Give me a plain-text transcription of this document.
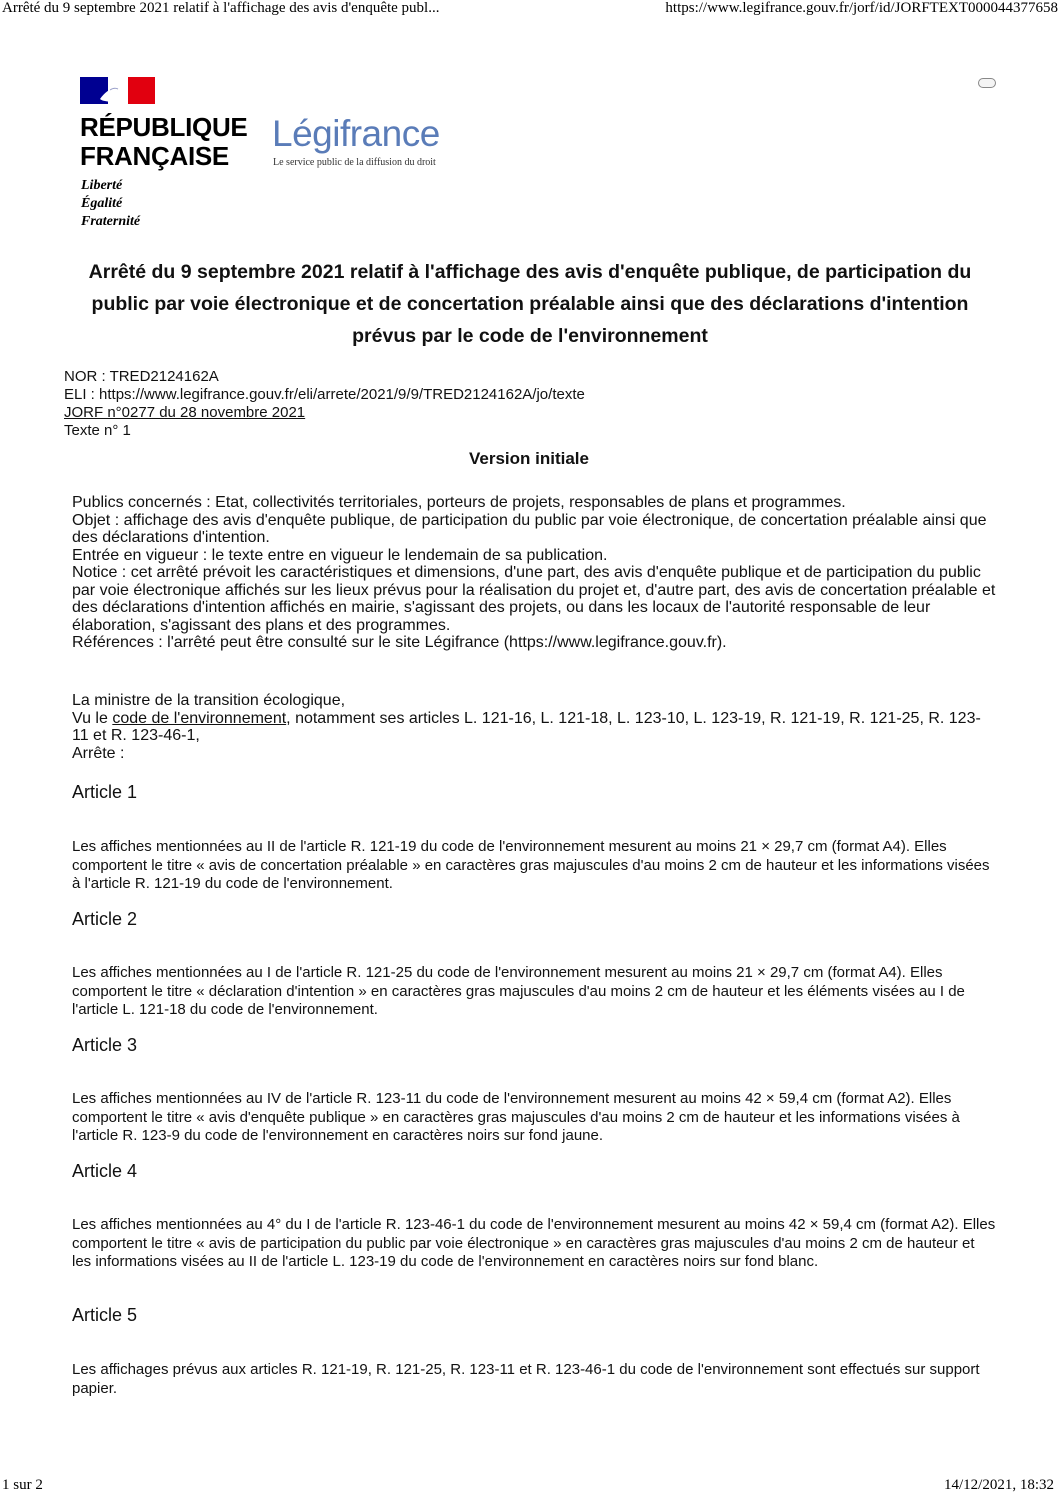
Arrêté du 9 septembre 2021 relatif à l'affichage des avis d'enquête publ...	https://www.legifrance.gouv.fr/jorf/id/JORFTEXT000044377658
RÉPUBLIQUE
FRANÇAISE
Liberté
Égalité
Fraternité
Légifrance
Le service public de la diffusion du droit
Arrêté du 9 septembre 2021 relatif à l'affichage des avis d'enquête publique, de participation du public par voie électronique et de concertation préalable ainsi que des déclarations d'intention prévus par le code de l'environnement
NOR : TRED2124162A
ELI : https://www.legifrance.gouv.fr/eli/arrete/2021/9/9/TRED2124162A/jo/texte
JORF n°0277 du 28 novembre 2021
Texte n° 1
Version initiale

Publics concernés : Etat, collectivités territoriales, porteurs de projets, responsables de plans et programmes.

Objet : affichage des avis d'enquête publique, de participation du public par voie électronique, de concertation préalable ainsi que des déclarations d'intention.

Entrée en vigueur : le texte entre en vigueur le lendemain de sa publication.

Notice : cet arrêté prévoit les caractéristiques et dimensions, d'une part, des avis d'enquête publique et de participation du public par voie électronique affichés sur les lieux prévus pour la réalisation du projet et, d'autre part, des avis de concertation préalable et des déclarations d'intention affichés en mairie, s'agissant des projets, ou dans les locaux de l'autorité responsable de leur élaboration, s'agissant des plans et des programmes.

Références : l'arrêté peut être consulté sur le site Légifrance (https://www.legifrance.gouv.fr).

La ministre de la transition écologique,

Vu le code de l'environnement, notamment ses articles L. 121-16, L. 121-18, L. 123-10, L. 123-19, R. 121-19, R. 121-25, R. 123-11 et R. 123-46-1,

Arrête :

Article 1
Les affiches mentionnées au II de l'article R. 121-19 du code de l'environnement mesurent au moins 21 × 29,7 cm (format A4). Elles comportent le titre « avis de concertation préalable » en caractères gras majuscules d'au moins 2 cm de hauteur et les informations visées à l'article R. 121-19 du code de l'environnement.
Article 2
Les affiches mentionnées au I de l'article R. 121-25 du code de l'environnement mesurent au moins 21 × 29,7 cm (format A4). Elles comportent le titre « déclaration d'intention » en caractères gras majuscules d'au moins 2 cm de hauteur et les éléments visées au I de l'article L. 121-18 du code de l'environnement.
Article 3
Les affiches mentionnées au IV de l'article R. 123-11 du code de l'environnement mesurent au moins 42 × 59,4 cm (format A2). Elles comportent le titre « avis d'enquête publique » en caractères gras majuscules d'au moins 2 cm de hauteur et les informations visées à l'article R. 123-9 du code de l'environnement en caractères noirs sur fond jaune.
Article 4
Les affiches mentionnées au 4° du I de l'article R. 123-46-1 du code de l'environnement mesurent au moins 42 × 59,4 cm (format A2). Elles comportent le titre « avis de participation du public par voie électronique » en caractères gras majuscules d'au moins 2 cm de hauteur et les informations visées au II de l'article L. 123-19 du code de l'environnement en caractères noirs sur fond blanc.
Article 5
Les affichages prévus aux articles R. 121-19, R. 121-25, R. 123-11 et R. 123-46-1 du code de l'environnement sont effectués sur support papier.
1 sur 2	14/12/2021, 18:32
